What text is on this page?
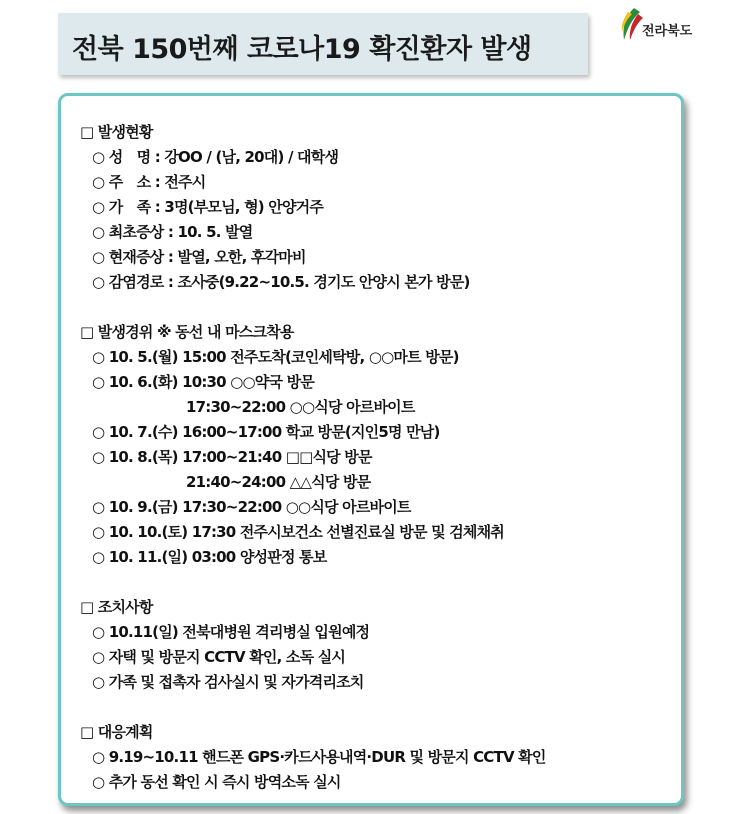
전북 150번째 코로나19 확진환자 발생
전라북도
□ 발생현황
○ 성　명 : 강OO / (남, 20대) / 대학생
○ 주　소 : 전주시
○ 가　족 : 3명(부모님, 형) 안양거주
○ 최초증상 : 10. 5. 발열
○ 현재증상 : 발열, 오한, 후각마비
○ 감염경로 : 조사중(9.22~10.5. 경기도 안양시 본가 방문)
□ 발생경위 ※ 동선 내 마스크착용
○ 10. 5.(월) 15:00 전주도착(코인세탁방, ○○마트 방문)
○ 10. 6.(화) 10:30 ○○약국 방문
17:30~22:00 ○○식당 아르바이트
○ 10. 7.(수) 16:00~17:00 학교 방문(지인5명 만남)
○ 10. 8.(목) 17:00~21:40 □□식당 방문
21:40~24:00 △△식당 방문
○ 10. 9.(금) 17:30~22:00 ○○식당 아르바이트
○ 10. 10.(토) 17:30 전주시보건소 선별진료실 방문 및 검체채취
○ 10. 11.(일) 03:00 양성판정 통보
□ 조치사항
○ 10.11(일) 전북대병원 격리병실 입원예정
○ 자택 및 방문지 CCTV 확인, 소독 실시
○ 가족 및 접촉자 검사실시 및 자가격리조치
□ 대응계획
○ 9.19~10.11 핸드폰 GPS·카드사용내역·DUR 및 방문지 CCTV 확인
○ 추가 동선 확인 시 즉시 방역소독 실시
